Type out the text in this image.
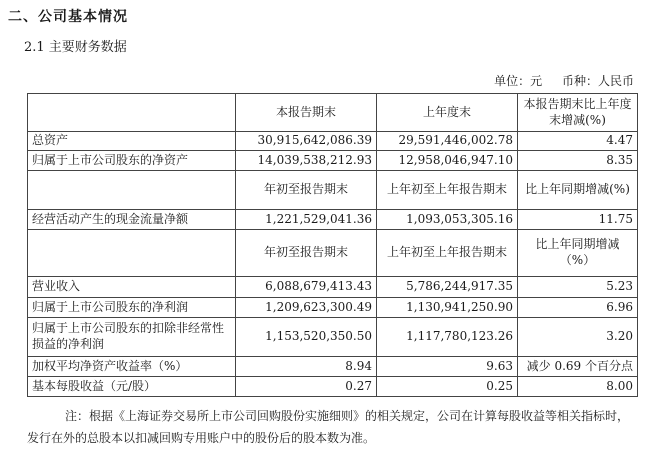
二、公司基本情况
2.1 主要财务数据
单位：元 币种：人民币
	本报告期末	上年度末	本报告期末比上年度末增减(%)
总资产	30,915,642,086.39	29,591,446,002.78	4.47
归属于上市公司股东的净资产	14,039,538,212.93	12,958,046,947.10	8.35
	年初至报告期末	上年初至上年报告期末	比上年同期增减(%)
经营活动产生的现金流量净额	1,221,529,041.36	1,093,053,305.16	11.75
	年初至报告期末	上年初至上年报告期末	比上年同期增减（%）
营业收入	6,088,679,413.43	5,786,244,917.35	5.23
归属于上市公司股东的净利润	1,209,623,300.49	1,130,941,250.90	6.96
归属于上市公司股东的扣除非经常性损益的净利润	1,153,520,350.50	1,117,780,123.26	3.20
加权平均净资产收益率（%）	8.94	9.63	减少 0.69 个百分点
基本每股收益（元/股）	0.27	0.25	8.00
注：根据《上海证券交易所上市公司回购股份实施细则》的相关规定，公司在计算每股收益等相关指标时，发行在外的总股本以扣减回购专用账户中的股份后的股本数为准。
